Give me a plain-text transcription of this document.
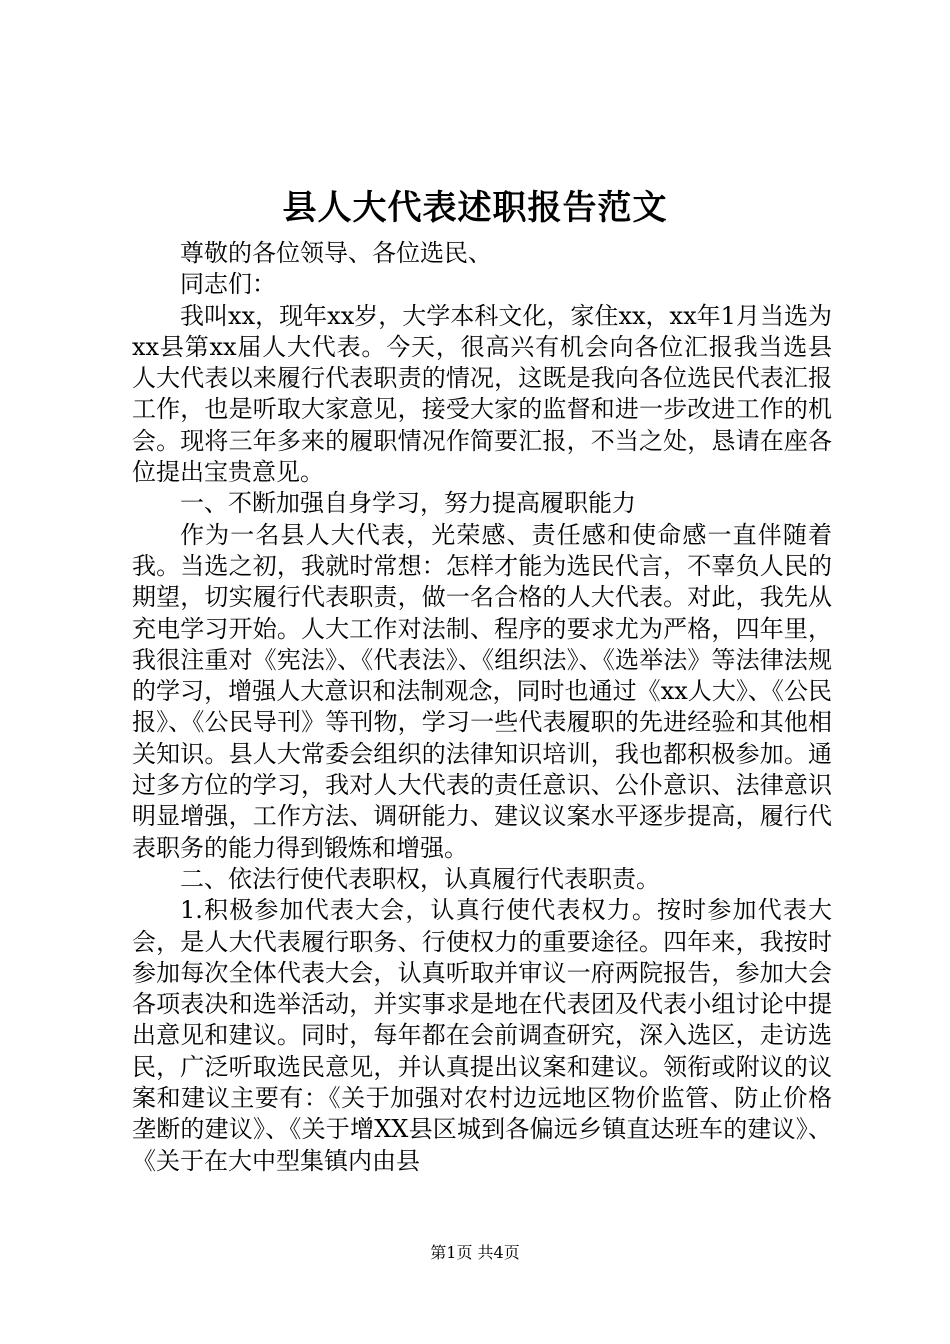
县人大代表述职报告范文

尊敬的各位领导、各位选民、

同志们：

我叫xx，现年xx岁，大学本科文化，家住xx，xx年1月当选为xx县第xx届人大代表。今天，很高兴有机会向各位汇报我当选县人大代表以来履行代表职责的情况，这既是我向各位选民代表汇报工作，也是听取大家意见，接受大家的监督和进一步改进工作的机会。现将三年多来的履职情况作简要汇报，不当之处，恳请在座各位提出宝贵意见。

一、不断加强自身学习，努力提高履职能力

作为一名县人大代表，光荣感、责任感和使命感一直伴随着我。当选之初，我就时常想：怎样才能为选民代言，不辜负人民的期望，切实履行代表职责，做一名合格的人大代表。对此，我先从充电学习开始。人大工作对法制、程序的要求尤为严格，四年里，我很注重对《宪法》、《代表法》、《组织法》、《选举法》等法律法规的学习，增强人大意识和法制观念，同时也通过《xx人大》、《公民报》、《公民导刊》等刊物，学习一些代表履职的先进经验和其他相关知识。县人大常委会组织的法律知识培训，我也都积极参加。通过多方位的学习，我对人大代表的责任意识、公仆意识、法律意识明显增强，工作方法、调研能力、建议议案水平逐步提高，履行代表职务的能力得到锻炼和增强。

二、依法行使代表职权，认真履行代表职责。

1.积极参加代表大会，认真行使代表权力。按时参加代表大会，是人大代表履行职务、行使权力的重要途径。四年来，我按时参加每次全体代表大会，认真听取并审议一府两院报告，参加大会各项表决和选举活动，并实事求是地在代表团及代表小组讨论中提出意见和建议。同时，每年都在会前调查研究，深入选区，走访选民，广泛听取选民意见，并认真提出议案和建议。领衔或附议的议案和建议主要有：《关于加强对农村边远地区物价监管、防止价格垄断的建议》、《关于增XX县区城到各偏远乡镇直达班车的建议》、《关于在大中型集镇内由县

第1页 共4页
